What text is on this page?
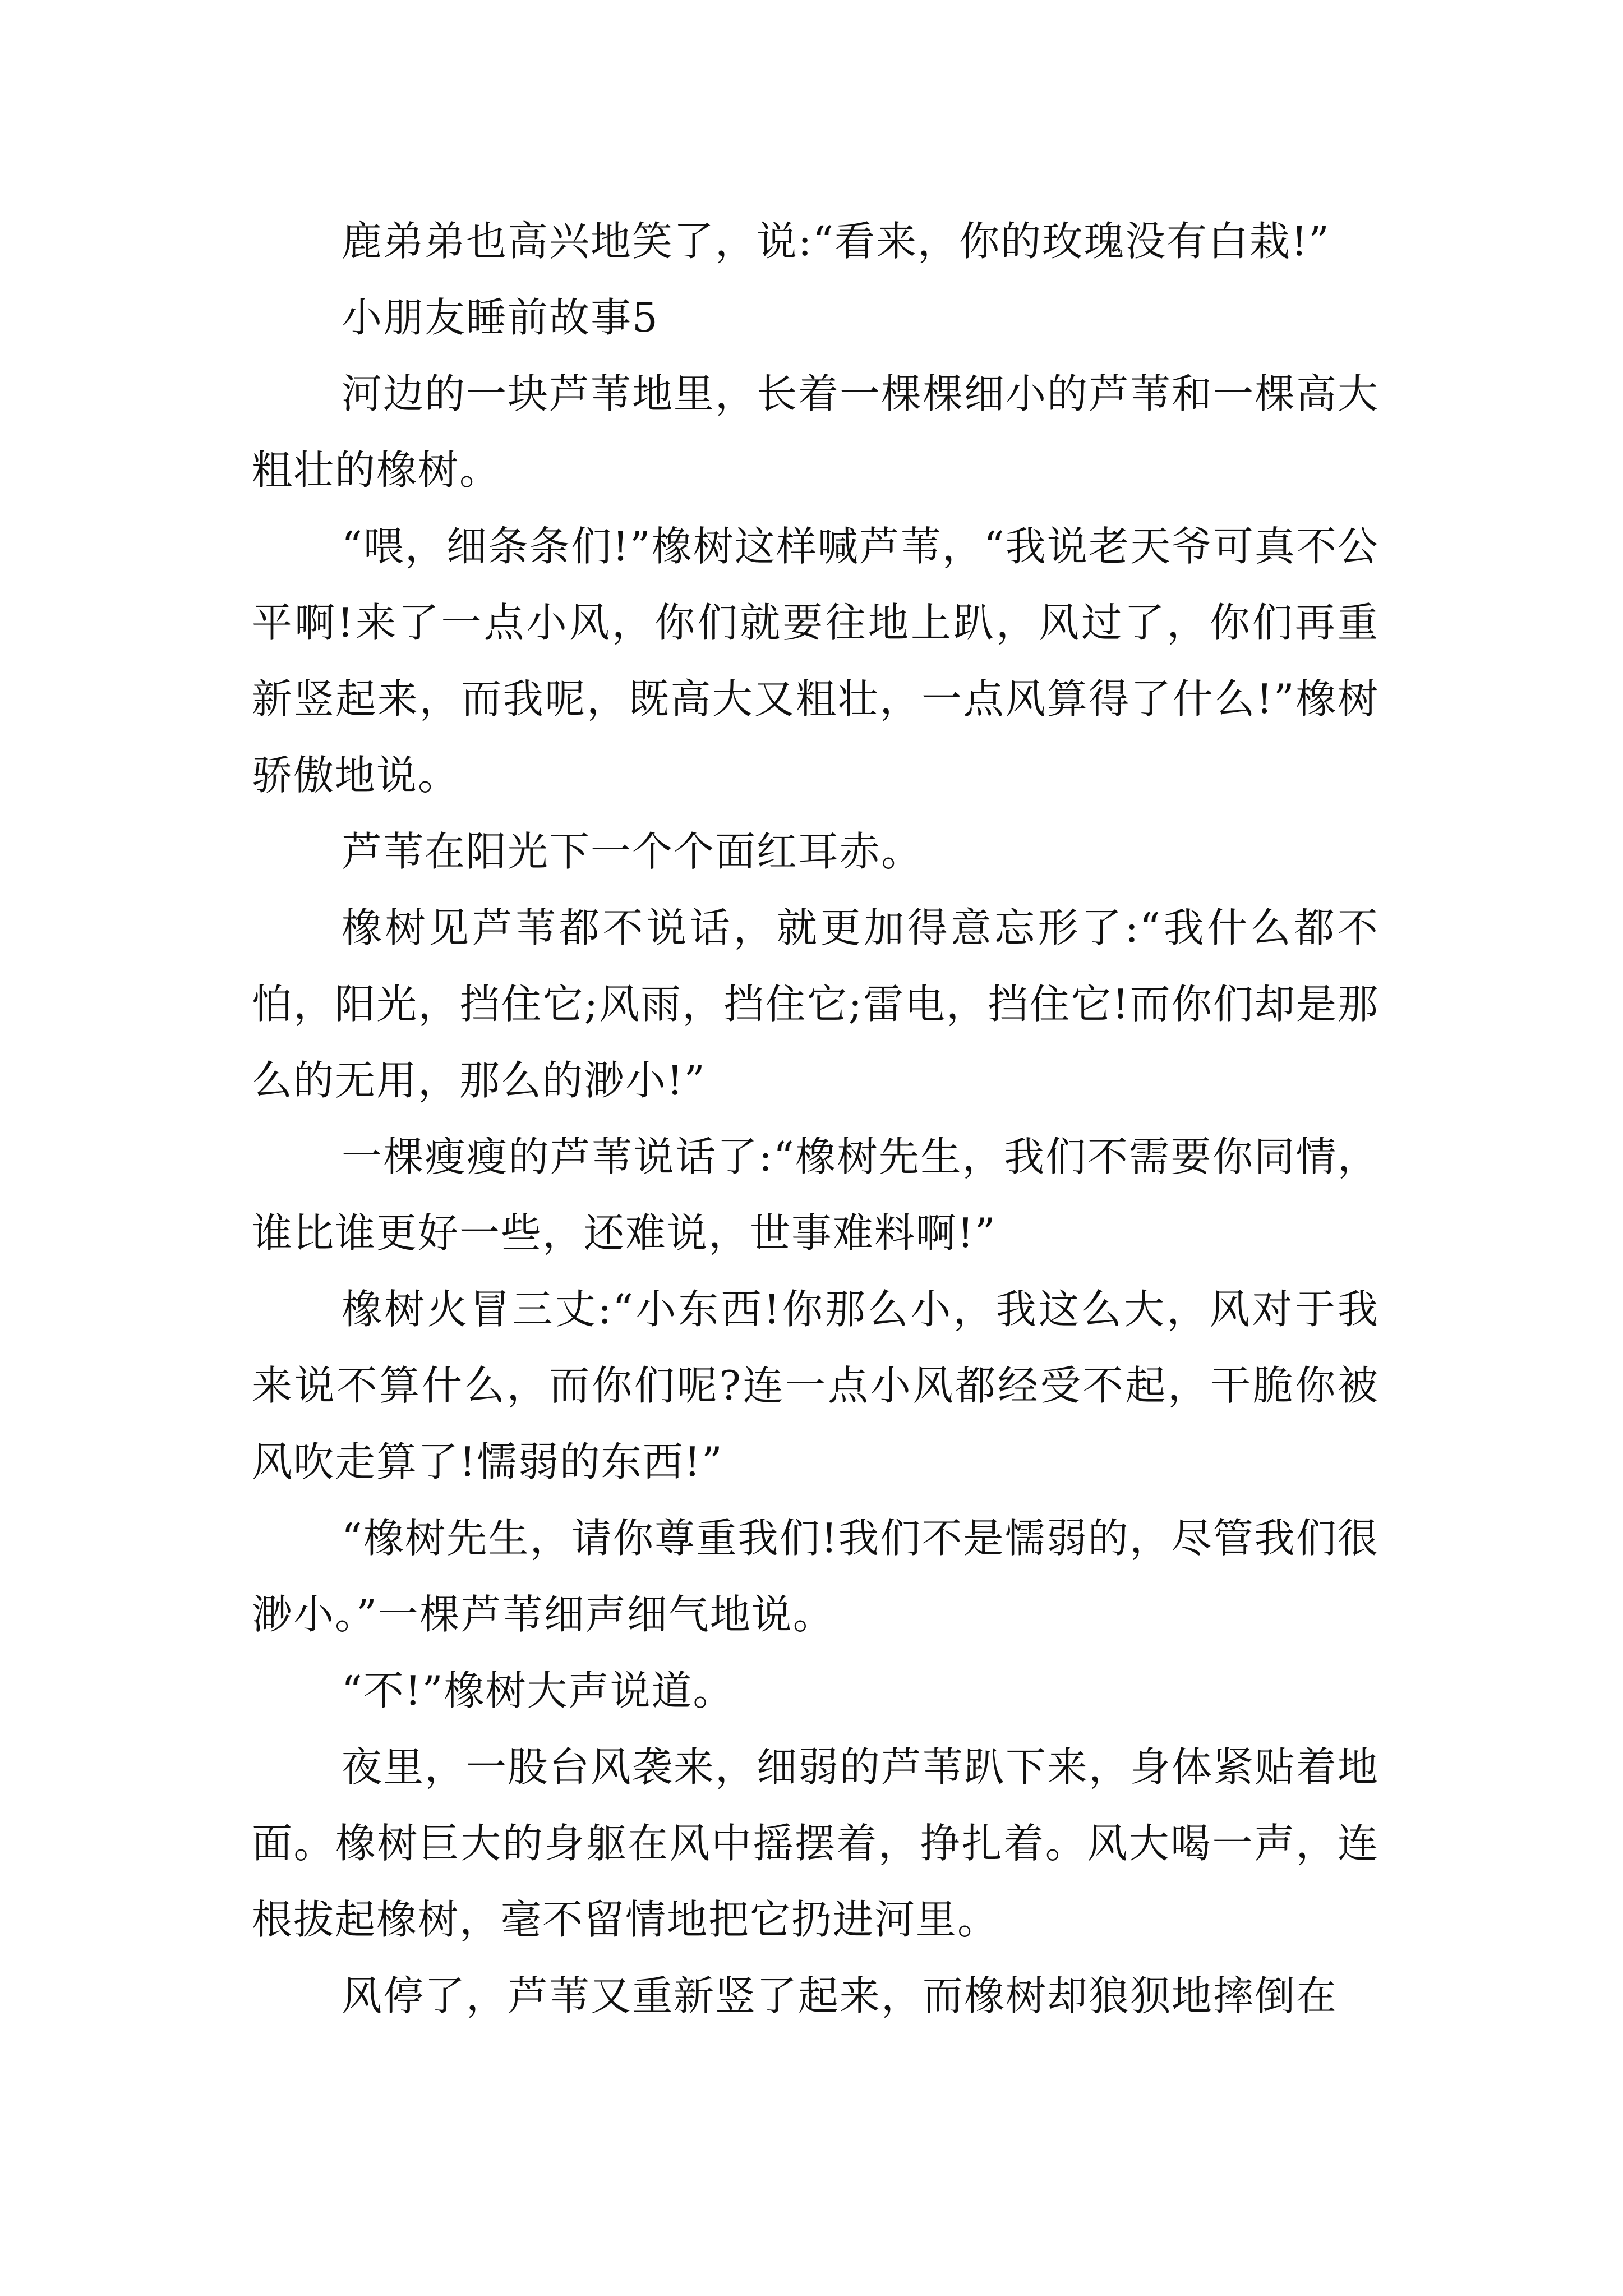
鹿弟弟也高兴地笑了，说:“看来，你的玫瑰没有白栽!”

小朋友睡前故事5

河边的一块芦苇地里，长着一棵棵细小的芦苇和一棵高大粗壮的橡树。

“喂，细条条们!”橡树这样喊芦苇，“我说老天爷可真不公平啊!来了一点小风，你们就要往地上趴，风过了，你们再重新竖起来，而我呢，既高大又粗壮，一点风算得了什么!”橡树骄傲地说。

芦苇在阳光下一个个面红耳赤。

橡树见芦苇都不说话，就更加得意忘形了:“我什么都不怕，阳光，挡住它;风雨，挡住它;雷电，挡住它!而你们却是那么的无用，那么的渺小!”

一棵瘦瘦的芦苇说话了:“橡树先生，我们不需要你同情，谁比谁更好一些，还难说，世事难料啊!”

橡树火冒三丈:“小东西!你那么小，我这么大，风对于我来说不算什么，而你们呢?连一点小风都经受不起，干脆你被风吹走算了!懦弱的东西!”

“橡树先生，请你尊重我们!我们不是懦弱的，尽管我们很渺小。”一棵芦苇细声细气地说。

“不!”橡树大声说道。

夜里，一股台风袭来，细弱的芦苇趴下来，身体紧贴着地面。橡树巨大的身躯在风中摇摆着，挣扎着。风大喝一声，连根拔起橡树，毫不留情地把它扔进河里。

风停了，芦苇又重新竖了起来，而橡树却狼狈地摔倒在
